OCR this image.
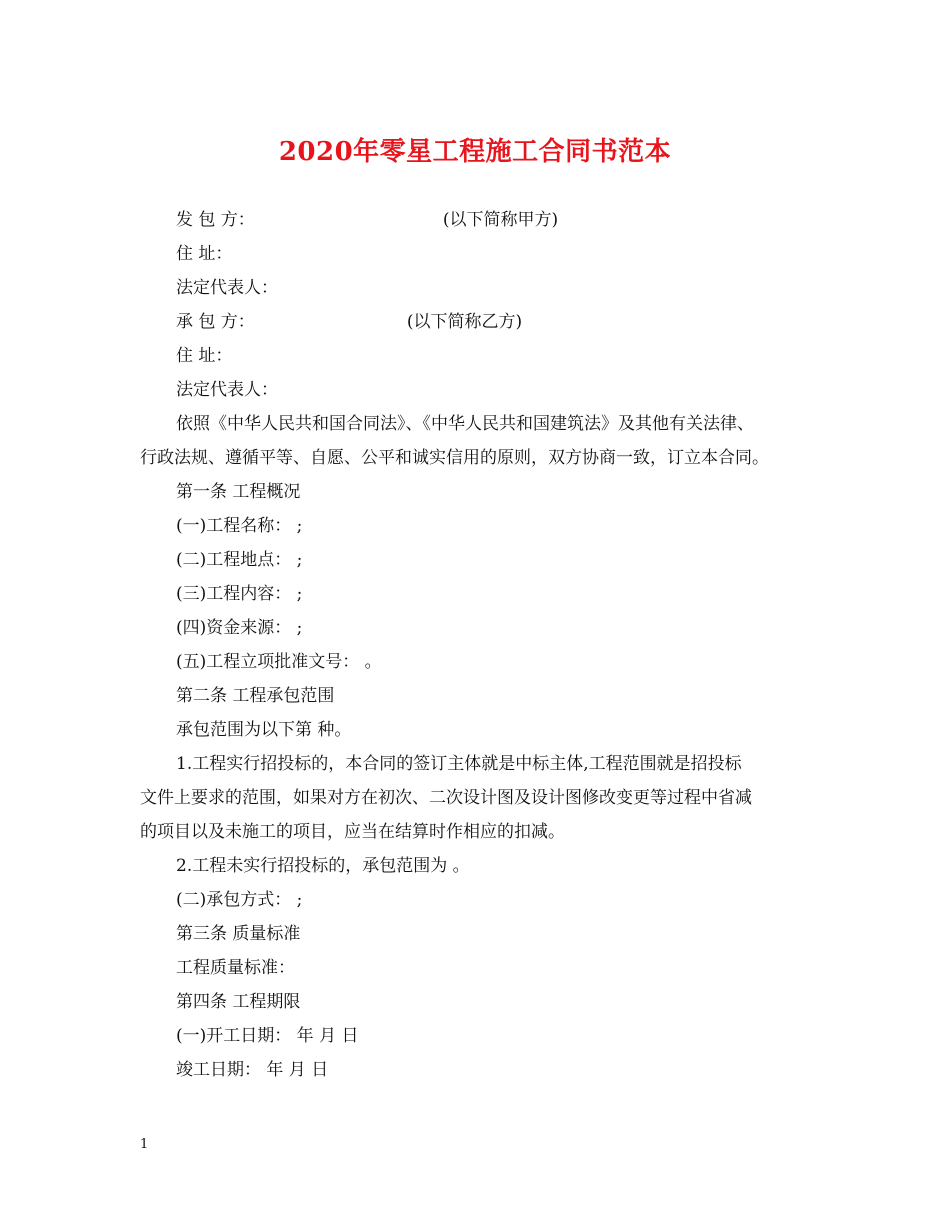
2020年零星工程施工合同书范本
发 包 方：	(以下简称甲方)
住 址：
法定代表人：
承 包 方：	(以下简称乙方)
住 址：
法定代表人：
依照《中华人民共和国合同法》、《中华人民共和国建筑法》及其他有关法律、
行政法规、遵循平等、自愿、公平和诚实信用的原则，双方协商一致，订立本合同。
第一条 工程概况
(一)工程名称： ;
(二)工程地点： ;
(三)工程内容： ;
(四)资金来源： ;
(五)工程立项批准文号： 。
第二条 工程承包范围
承包范围为以下第 种。
1.工程实行招投标的，本合同的签订主体就是中标主体,工程范围就是招投标
文件上要求的范围，如果对方在初次、二次设计图及设计图修改变更等过程中省减
的项目以及未施工的项目，应当在结算时作相应的扣减。
2.工程未实行招投标的，承包范围为 。
(二)承包方式： ;
第三条 质量标准
工程质量标准：
第四条 工程期限
(一)开工日期： 年 月 日
竣工日期： 年 月 日
1
